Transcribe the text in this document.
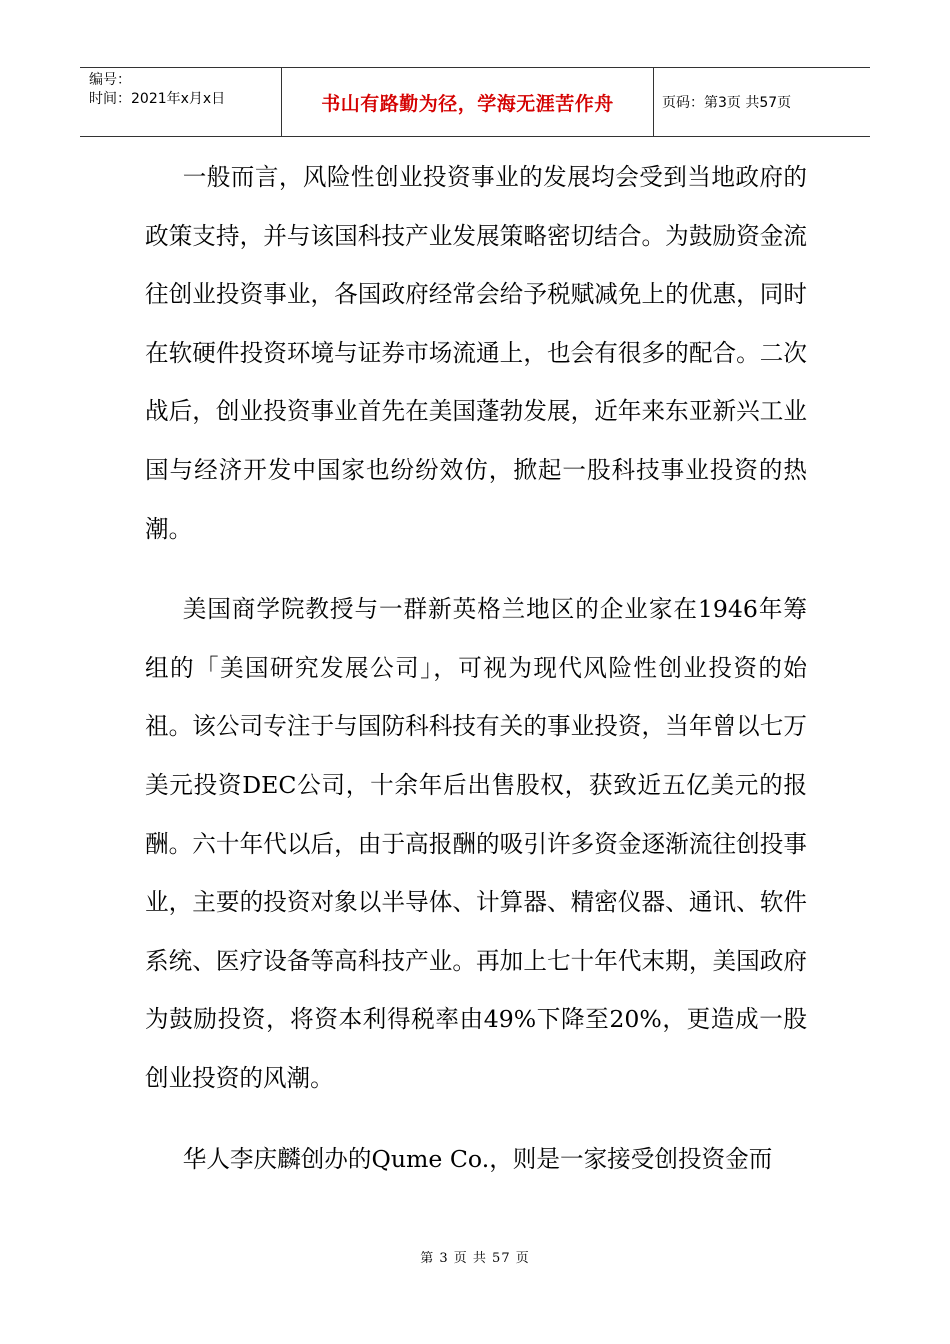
编号：
时间：2021年x月x日	书山有路勤为径，学海无涯苦作舟	页码：第3页 共57页

一般而言，风险性创业投资事业的发展均会受到当地政府的政策支持，并与该国科技产业发展策略密切结合。为鼓励资金流往创业投资事业，各国政府经常会给予税赋减免上的优惠，同时在软硬件投资环境与证券市场流通上，也会有很多的配合。二次战后，创业投资事业首先在美国蓬勃发展，近年来东亚新兴工业国与经济开发中国家也纷纷效仿，掀起一股科技事业投资的热潮。

美国商学院教授与一群新英格兰地区的企业家在1946年筹组的「美国研究发展公司」，可视为现代风险性创业投资的始祖。该公司专注于与国防科科技有关的事业投资，当年曾以七万美元投资DEC公司，十余年后出售股权，获致近五亿美元的报酬。六十年代以后，由于高报酬的吸引许多资金逐渐流往创投事业，主要的投资对象以半导体、计算器、精密仪器、通讯、软件系统、医疗设备等高科技产业。再加上七十年代末期，美国政府为鼓励投资，将资本利得税率由49%下降至20%，更造成一股创业投资的风潮。

华人李庆麟创办的Qume Co.，则是一家接受创投资金而

第 3 页 共 57 页
